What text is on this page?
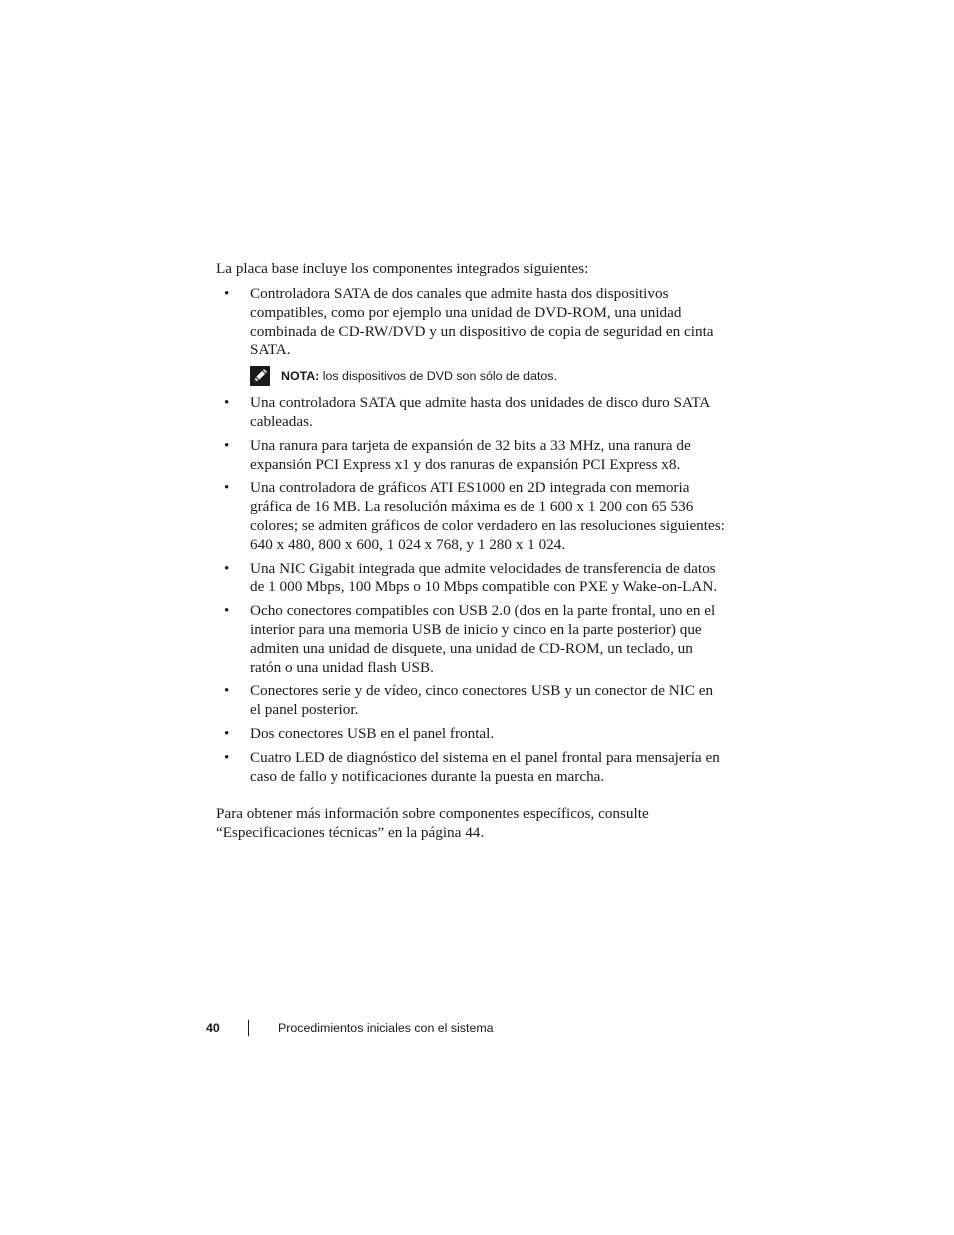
La placa base incluye los componentes integrados siguientes:

• Controladora SATA de dos canales que admite hasta dos dispositivos compatibles, como por ejemplo una unidad de DVD-ROM, una unidad combinada de CD-RW/DVD y un dispositivo de copia de seguridad en cinta SATA.
NOTA: los dispositivos de DVD son sólo de datos.
• Una controladora SATA que admite hasta dos unidades de disco duro SATA cableadas.
• Una ranura para tarjeta de expansión de 32 bits a 33 MHz, una ranura de expansión PCI Express x1 y dos ranuras de expansión PCI Express x8.
• Una controladora de gráficos ATI ES1000 en 2D integrada con memoria gráfica de 16 MB. La resolución máxima es de 1 600 x 1 200 con 65 536 colores; se admiten gráficos de color verdadero en las resoluciones siguientes: 640 x 480, 800 x 600, 1 024 x 768, y 1 280 x 1 024.
• Una NIC Gigabit integrada que admite velocidades de transferencia de datos de 1 000 Mbps, 100 Mbps o 10 Mbps compatible con PXE y Wake-on-LAN.
• Ocho conectores compatibles con USB 2.0 (dos en la parte frontal, uno en el interior para una memoria USB de inicio y cinco en la parte posterior) que admiten una unidad de disquete, una unidad de CD-ROM, un teclado, un ratón o una unidad flash USB.
• Conectores serie y de vídeo, cinco conectores USB y un conector de NIC en el panel posterior.
• Dos conectores USB en el panel frontal.
• Cuatro LED de diagnóstico del sistema en el panel frontal para mensajería en caso de fallo y notificaciones durante la puesta en marcha.

Para obtener más información sobre componentes específicos, consulte “Especificaciones técnicas” en la página 44.

40	Procedimientos iniciales con el sistema
